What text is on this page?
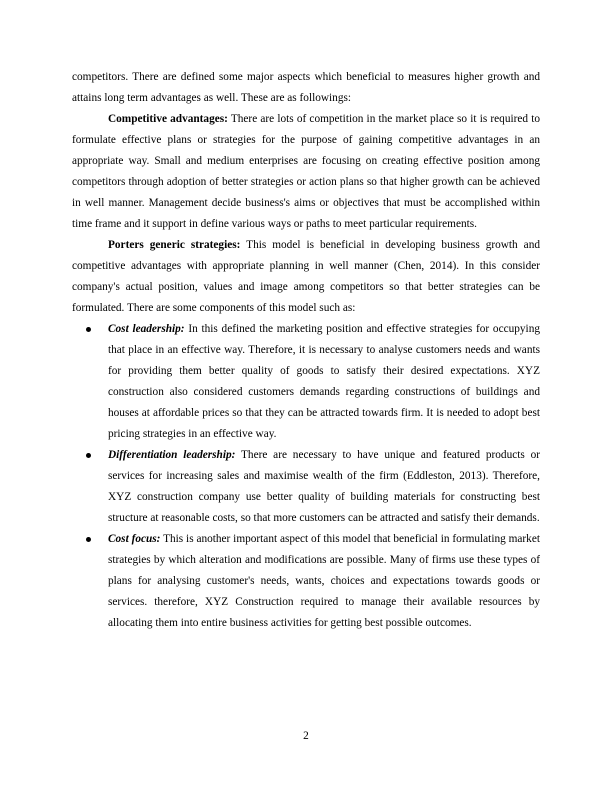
competitors. There are defined some major aspects which beneficial to measures higher growth and attains long term advantages as well. These are as followings:

Competitive advantages: There are lots of competition in the market place so it is required to formulate effective plans or strategies for the purpose of gaining competitive advantages in an appropriate way. Small and medium enterprises are focusing on creating effective position among competitors through adoption of better strategies or action plans so that higher growth can be achieved in well manner. Management decide business's aims or objectives that must be accomplished within time frame and it support in define various ways or paths to meet particular requirements.

Porters generic strategies: This model is beneficial in developing business growth and competitive advantages with appropriate planning in well manner (Chen, 2014). In this consider company's actual position, values and image among competitors so that better strategies can be formulated. There are some components of this model such as:

Cost leadership: In this defined the marketing position and effective strategies for occupying that place in an effective way. Therefore, it is necessary to analyse customers needs and wants for providing them better quality of goods to satisfy their desired expectations. XYZ construction also considered customers demands regarding constructions of buildings and houses at affordable prices so that they can be attracted towards firm. It is needed to adopt best pricing strategies in an effective way.
Differentiation leadership: There are necessary to have unique and featured products or services for increasing sales and maximise wealth of the firm (Eddleston, 2013). Therefore, XYZ construction company use better quality of building materials for constructing best structure at reasonable costs, so that more customers can be attracted and satisfy their demands.
Cost focus: This is another important aspect of this model that beneficial in formulating market strategies by which alteration and modifications are possible. Many of firms use these types of plans for analysing customer's needs, wants, choices and expectations towards goods or services. therefore, XYZ Construction required to manage their available resources by allocating them into entire business activities for getting best possible outcomes.
2
